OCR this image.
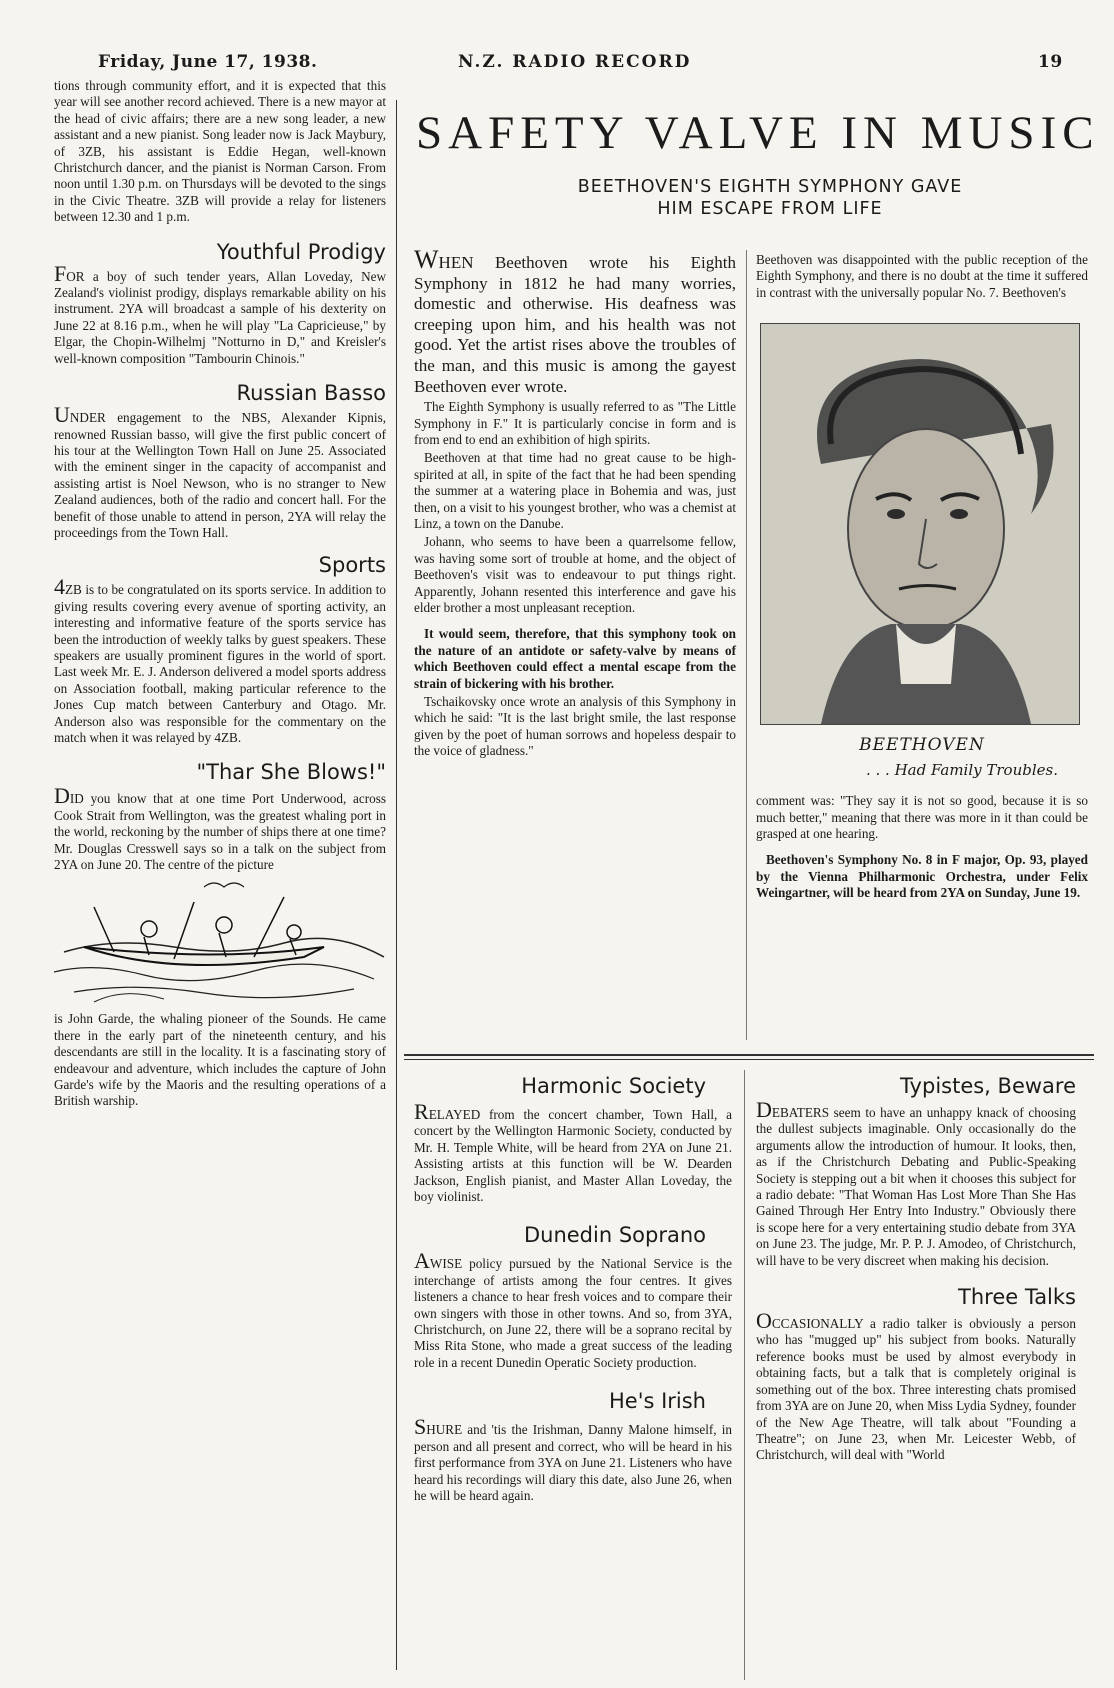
Friday, June 17, 1938.	N.Z. RADIO RECORD	19

tions through community effort, and it is expected that this year will see another record achieved. There is a new mayor at the head of civic affairs; there are a new song leader, a new assistant and a new pianist. Song leader now is Jack Maybury, of 3ZB, his assistant is Eddie Hegan, well-known Christchurch dancer, and the pianist is Norman Carson. From noon until 1.30 p.m. on Thursdays will be devoted to the sings in the Civic Theatre. 3ZB will provide a relay for listeners between 12.30 and 1 p.m.

Youthful Prodigy

FOR a boy of such tender years, Allan Loveday, New Zealand's violinist prodigy, displays remarkable ability on his instrument. 2YA will broadcast a sample of his dexterity on June 22 at 8.16 p.m., when he will play "La Capricieuse," by Elgar, the Chopin-Wilhelmj "Notturno in D," and Kreisler's well-known composition "Tambourin Chinois."

Russian Basso

UNDER engagement to the NBS, Alexander Kipnis, renowned Russian basso, will give the first public concert of his tour at the Wellington Town Hall on June 25. Associated with the eminent singer in the capacity of accompanist and assisting artist is Noel Newson, who is no stranger to New Zealand audiences, both of the radio and concert hall. For the benefit of those unable to attend in person, 2YA will relay the proceedings from the Town Hall.

Sports

4ZB is to be congratulated on its sports service. In addition to giving results covering every avenue of sporting activity, an interesting and informative feature of the sports service has been the introduction of weekly talks by guest speakers. These speakers are usually prominent figures in the world of sport. Last week Mr. E. J. Anderson delivered a model sports address on Association football, making particular reference to the Jones Cup match between Canterbury and Otago. Mr. Anderson also was responsible for the commentary on the match when it was relayed by 4ZB.

"Thar She Blows!"

DID you know that at one time Port Underwood, across Cook Strait from Wellington, was the greatest whaling port in the world, reckoning by the number of ships there at one time? Mr. Douglas Cresswell says so in a talk on the subject from 2YA on June 20. The centre of the picture

is John Garde, the whaling pioneer of the Sounds. He came there in the early part of the nineteenth century, and his descendants are still in the locality. It is a fascinating story of endeavour and adventure, which includes the capture of John Garde's wife by the Maoris and the resulting operations of a British warship.

SAFETY VALVE IN MUSIC
BEETHOVEN'S EIGHTH SYMPHONY GAVE
HIM ESCAPE FROM LIFE

WHEN Beethoven wrote his Eighth Symphony in 1812 he had many worries, domestic and otherwise. His deafness was creeping upon him, and his health was not good. Yet the artist rises above the troubles of the man, and this music is among the gayest Beethoven ever wrote.

The Eighth Symphony is usually referred to as "The Little Symphony in F." It is particularly concise in form and is from end to end an exhibition of high spirits.

Beethoven at that time had no great cause to be high-spirited at all, in spite of the fact that he had been spending the summer at a watering place in Bohemia and was, just then, on a visit to his youngest brother, who was a chemist at Linz, a town on the Danube.

Johann, who seems to have been a quarrelsome fellow, was having some sort of trouble at home, and the object of Beethoven's visit was to endeavour to put things right. Apparently, Johann resented this interference and gave his elder brother a most unpleasant reception.

It would seem, therefore, that this symphony took on the nature of an antidote or safety-valve by means of which Beethoven could effect a mental escape from the strain of bickering with his brother.

Tschaikovsky once wrote an analysis of this Symphony in which he said: "It is the last bright smile, the last response given by the poet of human sorrows and hopeless despair to the voice of gladness."

Beethoven was disappointed with the public reception of the Eighth Symphony, and there is no doubt at the time it suffered in contrast with the universally popular No. 7. Beethoven's

BEETHOVEN
. . . Had Family Troubles.

comment was: "They say it is not so good, because it is so much better," meaning that there was more in it than could be grasped at one hearing.

Beethoven's Symphony No. 8 in F major, Op. 93, played by the Vienna Philharmonic Orchestra, under Felix Weingartner, will be heard from 2YA on Sunday, June 19.

Harmonic Society

RELAYED from the concert chamber, Town Hall, a concert by the Wellington Harmonic Society, conducted by Mr. H. Temple White, will be heard from 2YA on June 21. Assisting artists at this function will be W. Dearden Jackson, English pianist, and Master Allan Loveday, the boy violinist.

Dunedin Soprano

AWISE policy pursued by the National Service is the interchange of artists among the four centres. It gives listeners a chance to hear fresh voices and to compare their own singers with those in other towns. And so, from 3YA, Christchurch, on June 22, there will be a soprano recital by Miss Rita Stone, who made a great success of the leading role in a recent Dunedin Operatic Society production.

He's Irish

SHURE and 'tis the Irishman, Danny Malone himself, in person and all present and correct, who will be heard in his first performance from 3YA on June 21. Listeners who have heard his recordings will diary this date, also June 26, when he will be heard again.

Typistes, Beware

DEBATERS seem to have an unhappy knack of choosing the dullest subjects imaginable. Only occasionally do the arguments allow the introduction of humour. It looks, then, as if the Christchurch Debating and Public-Speaking Society is stepping out a bit when it chooses this subject for a radio debate: "That Woman Has Lost More Than She Has Gained Through Her Entry Into Industry." Obviously there is scope here for a very entertaining studio debate from 3YA on June 23. The judge, Mr. P. P. J. Amodeo, of Christchurch, will have to be very discreet when making his decision.

Three Talks

OCCASIONALLY a radio talker is obviously a person who has "mugged up" his subject from books. Naturally reference books must be used by almost everybody in obtaining facts, but a talk that is completely original is something out of the box. Three interesting chats promised from 3YA are on June 20, when Miss Lydia Sydney, founder of the New Age Theatre, will talk about "Founding a Theatre"; on June 23, when Mr. Leicester Webb, of Christchurch, will deal with "World
